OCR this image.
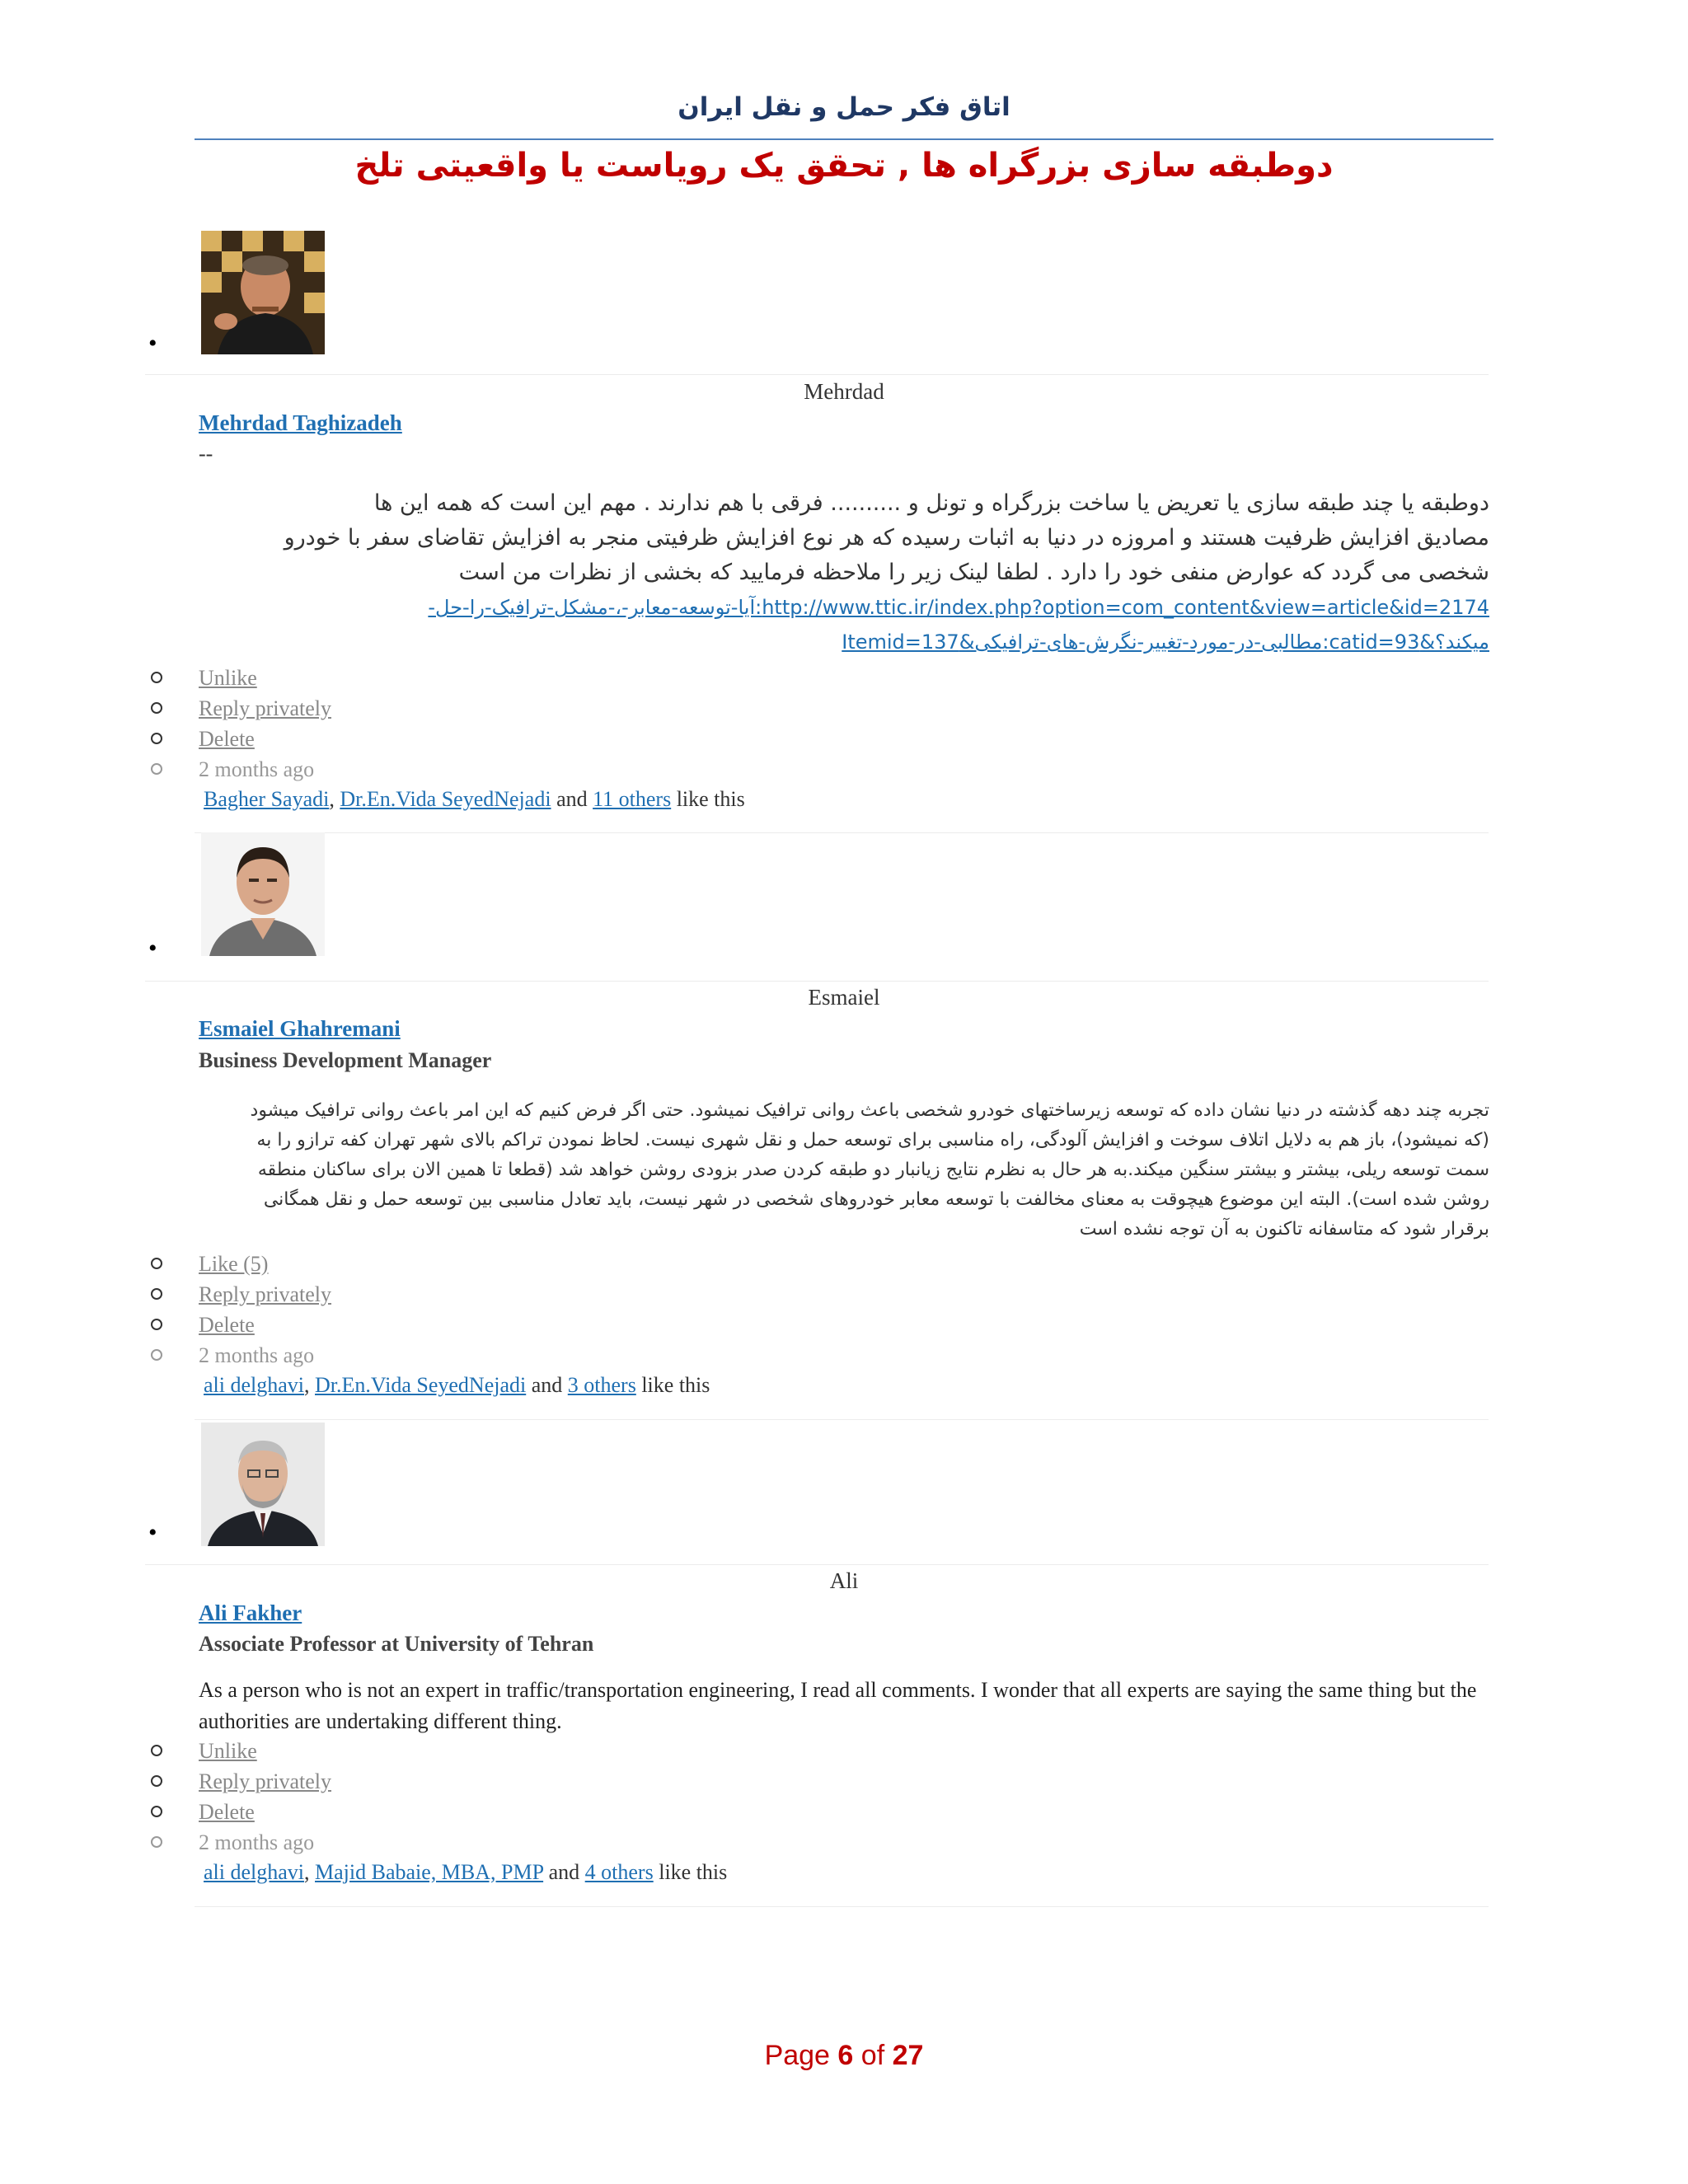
اتاق فکر حمل و نقل ایران
دوطبقه سازی بزرگراه ها , تحقق یک رویاست یا واقعیتی تلخ
•
Mehrdad
Mehrdad Taghizadeh
--

دوطبقه یا چند طبقه سازی یا تعریض یا ساخت بزرگراه و تونل و .......... فرقی با هم ندارند . مهم این است که همه این ها

مصادیق افزایش ظرفیت هستند و امروزه در دنیا به اثبات رسیده که هر نوع افزایش ظرفیتی منجر به افزایش تقاضای سفر با خودرو

شخصی می گردد که عوارض منفی خود را دارد . لطفا لینک زیر را ملاحظه فرمایید که بخشی از نظرات من است

http://www.ttic.ir/index.php?option=com_content&view=article&id=2174:آیا-توسعه-معابر-،-مشکل-ترافیک-را-حل-

میکند؟&catid=93:مطالبی-در-مورد-تغییر-نگرش-های-ترافیکی&Itemid=137

Unlike
Reply privately
Delete
2 months ago
Bagher Sayadi, Dr.En.Vida SeyedNejadi and 11 others like this
•
Esmaiel
Esmaiel Ghahremani
Business Development Manager

تجربه چند دهه گذشته در دنیا نشان داده که توسعه زیرساختهای خودرو شخصی باعث روانی ترافیک نمیشود. حتی اگر فرض کنیم که این امر باعث روانی ترافیک میشود

(که نمیشود)، باز هم به دلایل اتلاف سوخت و افزایش آلودگی، راه مناسبی برای توسعه حمل و نقل شهری نیست. لحاظ نمودن تراکم بالای شهر تهران کفه ترازو را به

سمت توسعه ریلی، بیشتر و بیشتر سنگین میکند.به هر حال به نظرم نتایج زیانبار دو طبقه کردن صدر بزودی روشن خواهد شد (قطعا تا همین الان برای ساکنان منطقه

روشن شده است). البته این موضوع هیچوقت به معنای مخالفت با توسعه معابر خودروهای شخصی در شهر نیست، باید تعادل مناسبی بین توسعه حمل و نقل همگانی

برقرار شود که متاسفانه تاکنون به آن توجه نشده است

Like (5)
Reply privately
Delete
2 months ago
ali delghavi, Dr.En.Vida SeyedNejadi and 3 others like this
•
Ali
Ali Fakher
Associate Professor at University of Tehran
As a person who is not an expert in traffic/transportation engineering, I read all comments. I wonder that all experts are saying the same thing but the authorities are undertaking different thing.
Unlike
Reply privately
Delete
2 months ago
ali delghavi, Majid Babaie, MBA, PMP and 4 others like this
Page 6 of 27
